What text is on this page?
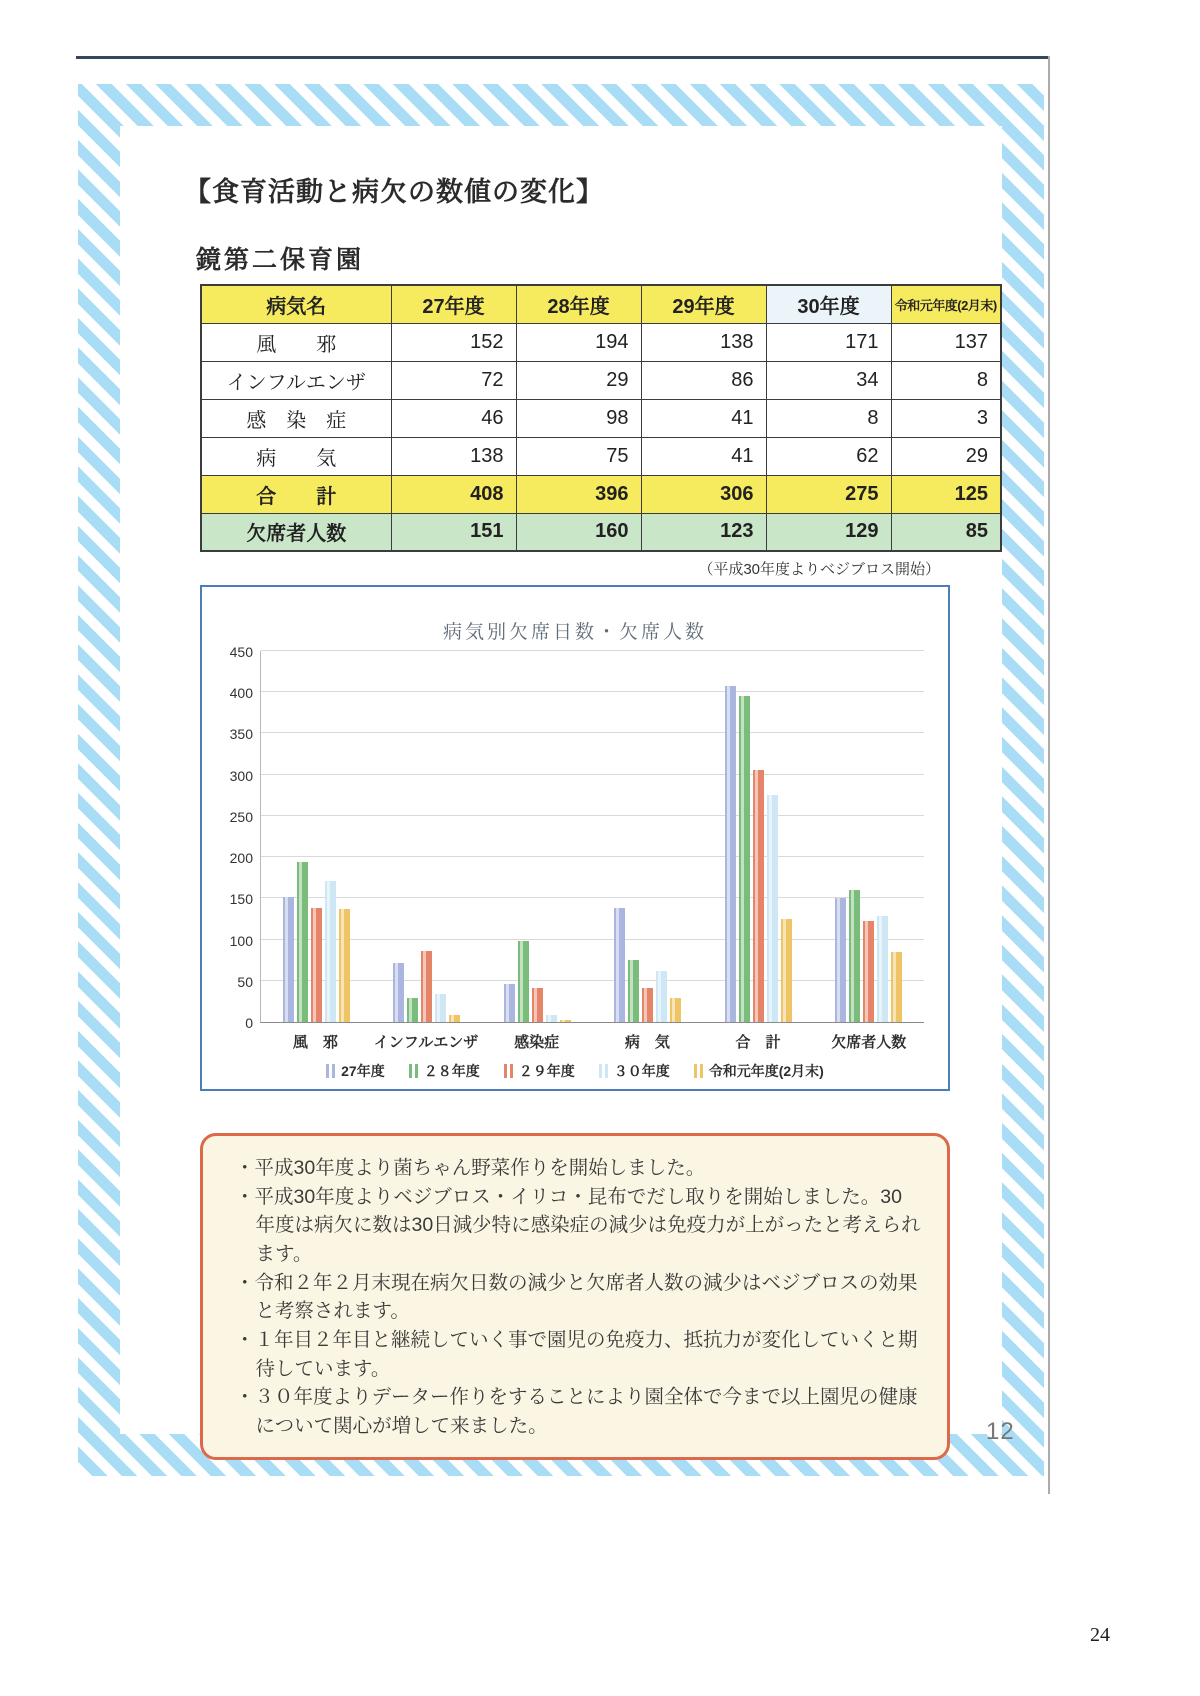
【食育活動と病欠の数値の変化】
鏡第二保育園
病気名	27年度	28年度	29年度	30年度	令和元年度(2月末)
風　　邪	152	194	138	171	137
インフルエンザ	72	29	86	34	8
感　染　症	46	98	41	8	3
病　　気	138	75	41	62	29
合　　計	408	396	306	275	125
欠席者人数	151	160	123	129	85
（平成30年度よりベジブロス開始）
病気別欠席日数・欠席人数
0
50
100
150
200
250
300
350
400
450
風　邪	インフルエンザ	感染症	病　気	合　計	欠席者人数
27年度	２８年度	２９年度	３０年度	令和元年度(2月末)
・平成30年度より菌ちゃん野菜作りを開始しました。
・平成30年度よりベジブロス・イリコ・昆布でだし取りを開始しました。30年度は病欠に数は30日減少特に感染症の減少は免疫力が上がったと考えられます。
・令和２年２月末現在病欠日数の減少と欠席者人数の減少はベジブロスの効果と考察されます。
・１年目２年目と継続していく事で園児の免疫力、抵抗力が変化していくと期待しています。
・３０年度よりデーター作りをすることにより園全体で今まで以上園児の健康について関心が増して来ました。	12
24
